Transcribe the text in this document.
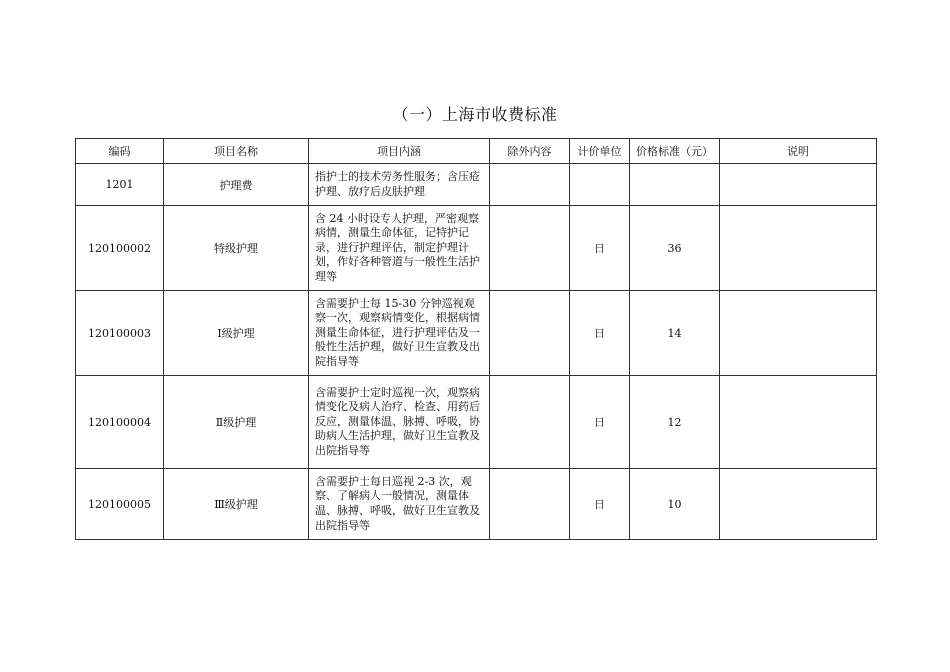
（一）上海市收费标准
编码	项目名称	项目内涵	除外内容	计价单位	价格标准（元）	说明
1201	护理费	指护士的技术劳务性服务；含压疮护理、放疗后皮肤护理				
120100002	特级护理	含 24 小时设专人护理，严密观察病情，测量生命体征，记特护记录，进行护理评估，制定护理计划，作好各种管道与一般性生活护理等		日	36	
120100003	Ⅰ级护理	含需要护士每 15-30 分钟巡视观察一次，观察病情变化，根据病情测量生命体征，进行护理评估及一般性生活护理，做好卫生宣教及出院指导等		日	14	
120100004	Ⅱ级护理	含需要护士定时巡视一次，观察病情变化及病人治疗、检查、用药后反应，测量体温、脉搏、呼吸，协助病人生活护理，做好卫生宣教及出院指导等		日	12	
120100005	Ⅲ级护理	含需要护士每日巡视 2-3 次，观察、了解病人一般情况，测量体温、脉搏、呼吸，做好卫生宣教及出院指导等		日	10	
